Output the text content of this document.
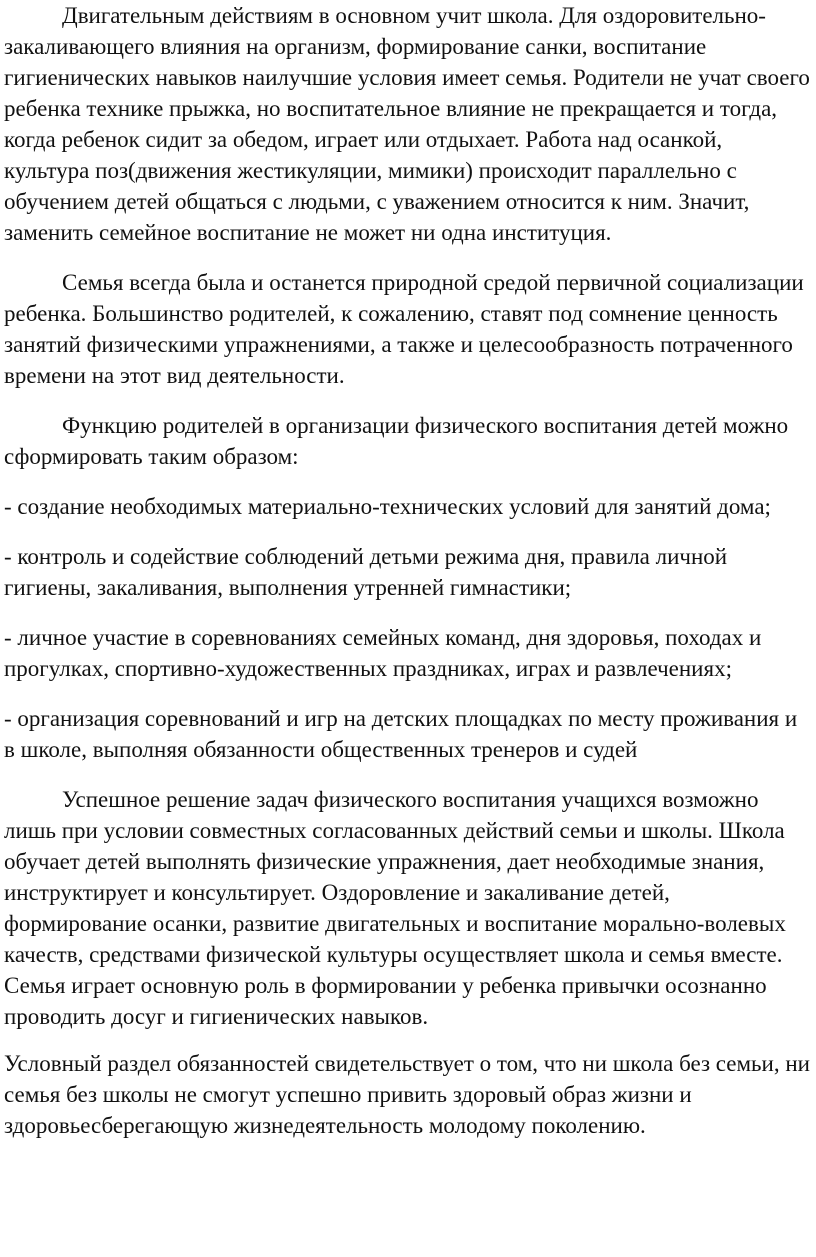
Двигательным действиям в основном учит школа. Для оздоровительно-закаливающего влияния на организм, формирование санки, воспитание гигиенических навыков наилучшие условия имеет семья. Родители не учат своего ребенка технике прыжка, но воспитательное влияние не прекращается и тогда, когда ребенок сидит за обедом, играет или отдыхает. Работа над осанкой, культура поз(движения жестикуляции, мимики) происходит параллельно с обучением детей общаться с людьми, с уважением относится к ним. Значит, заменить семейное воспитание не может ни одна институция.

Семья всегда была и останется природной средой первичной социализации ребенка. Большинство родителей, к сожалению, ставят под сомнение ценность занятий физическими упражнениями, а также и целесообразность потраченного времени на этот вид деятельности.

Функцию родителей в организации физического воспитания детей можно сформировать таким образом:

- создание необходимых материально-технических условий для занятий дома;

- контроль и содействие соблюдений детьми режима дня, правила личной гигиены, закаливания, выполнения утренней гимнастики;

- личное участие в соревнованиях семейных команд, дня здоровья, походах и прогулках, спортивно-художественных праздниках, играх и развлечениях;

- организация соревнований и игр на детских площадках по месту проживания и в школе, выполняя обязанности общественных тренеров и судей

Успешное решение задач физического воспитания учащихся возможно лишь при условии совместных согласованных действий семьи и школы. Школа обучает детей выполнять физические упражнения, дает необходимые знания, инструктирует и консультирует. Оздоровление и закаливание детей, формирование осанки, развитие двигательных и воспитание морально-волевых качеств, средствами физической культуры осуществляет школа и семья вместе. Семья играет основную роль в формировании у ребенка привычки осознанно проводить досуг и гигиенических навыков.

Условный раздел обязанностей свидетельствует о том, что ни школа без семьи, ни семья без школы не смогут успешно привить здоровый образ жизни и здоровьесберегающую жизнедеятельность молодому поколению.
